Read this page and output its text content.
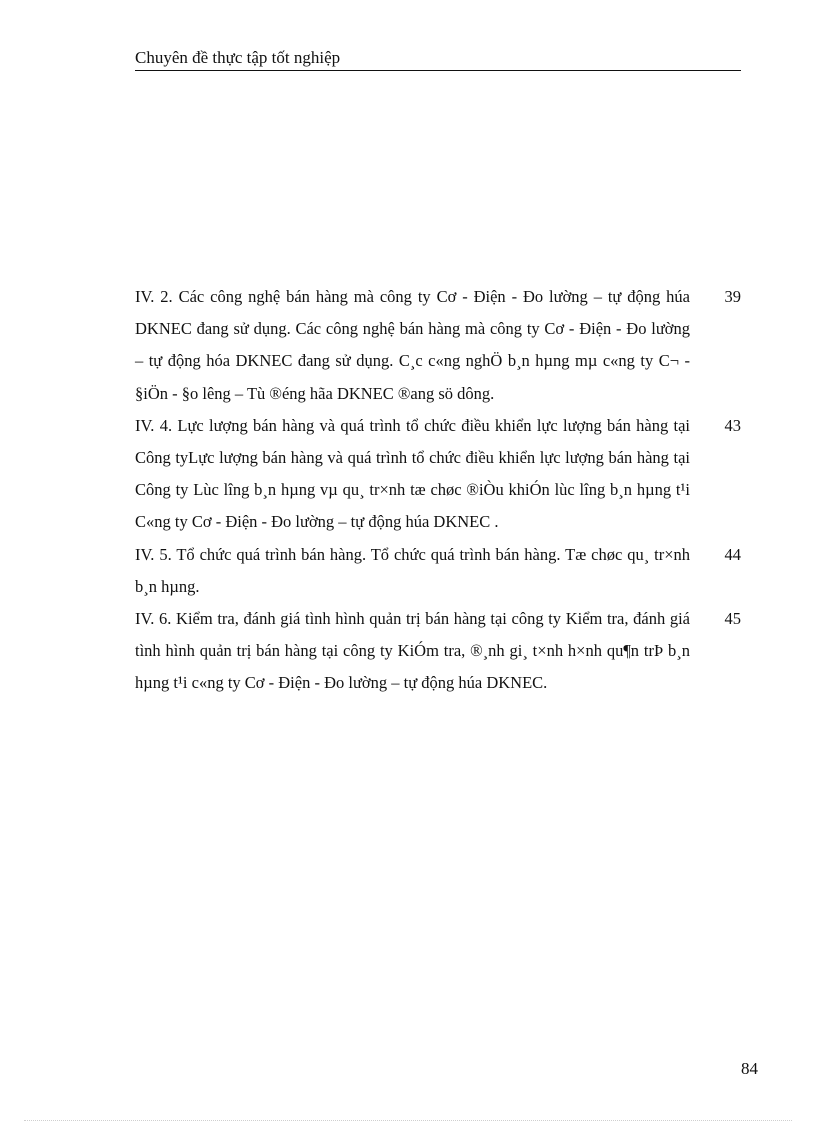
Chuyên đề thực tập tốt nghiệp
IV. 2. Các công nghệ bán hàng mà công ty Cơ - Điện - Đo lường – tự động húa DKNEC đang sử dụng. Các công nghệ bán hàng mà công ty Cơ - Điện - Đo lường – tự động hóa DKNEC đang sử dụng. C¸c c«ng nghÖ b¸n hµng mµ c«ng ty C¬ - §iÖn - §o lêng – Tù ®éng hãa DKNEC ®ang sö dông.
39
IV. 4. Lực lượng bán hàng và quá trình tổ chức điều khiển lực lượng bán hàng tại Công tyLực lượng bán hàng và quá trình tổ chức điều khiển lực lượng bán hàng tại Công ty Lùc lîng b¸n hµng vµ qu¸ tr×nh tæ chøc ®iÒu khiÓn lùc lîng b¸n hµng t¹i C«ng ty Cơ - Điện - Đo lường – tự động húa DKNEC .
43
IV. 5. Tổ chức quá trình bán hàng. Tổ chức quá trình bán hàng. Tæ chøc qu¸ tr×nh b¸n hµng.
44
IV. 6. Kiểm tra, đánh giá tình hình quản trị bán hàng tại công ty Kiểm tra, đánh giá tình hình quản trị bán hàng tại công ty KiÓm tra, ®¸nh gi¸ t×nh h×nh qu¶n trÞ b¸n hµng t¹i c«ng ty Cơ - Điện - Đo lường – tự động húa DKNEC.
45
84
